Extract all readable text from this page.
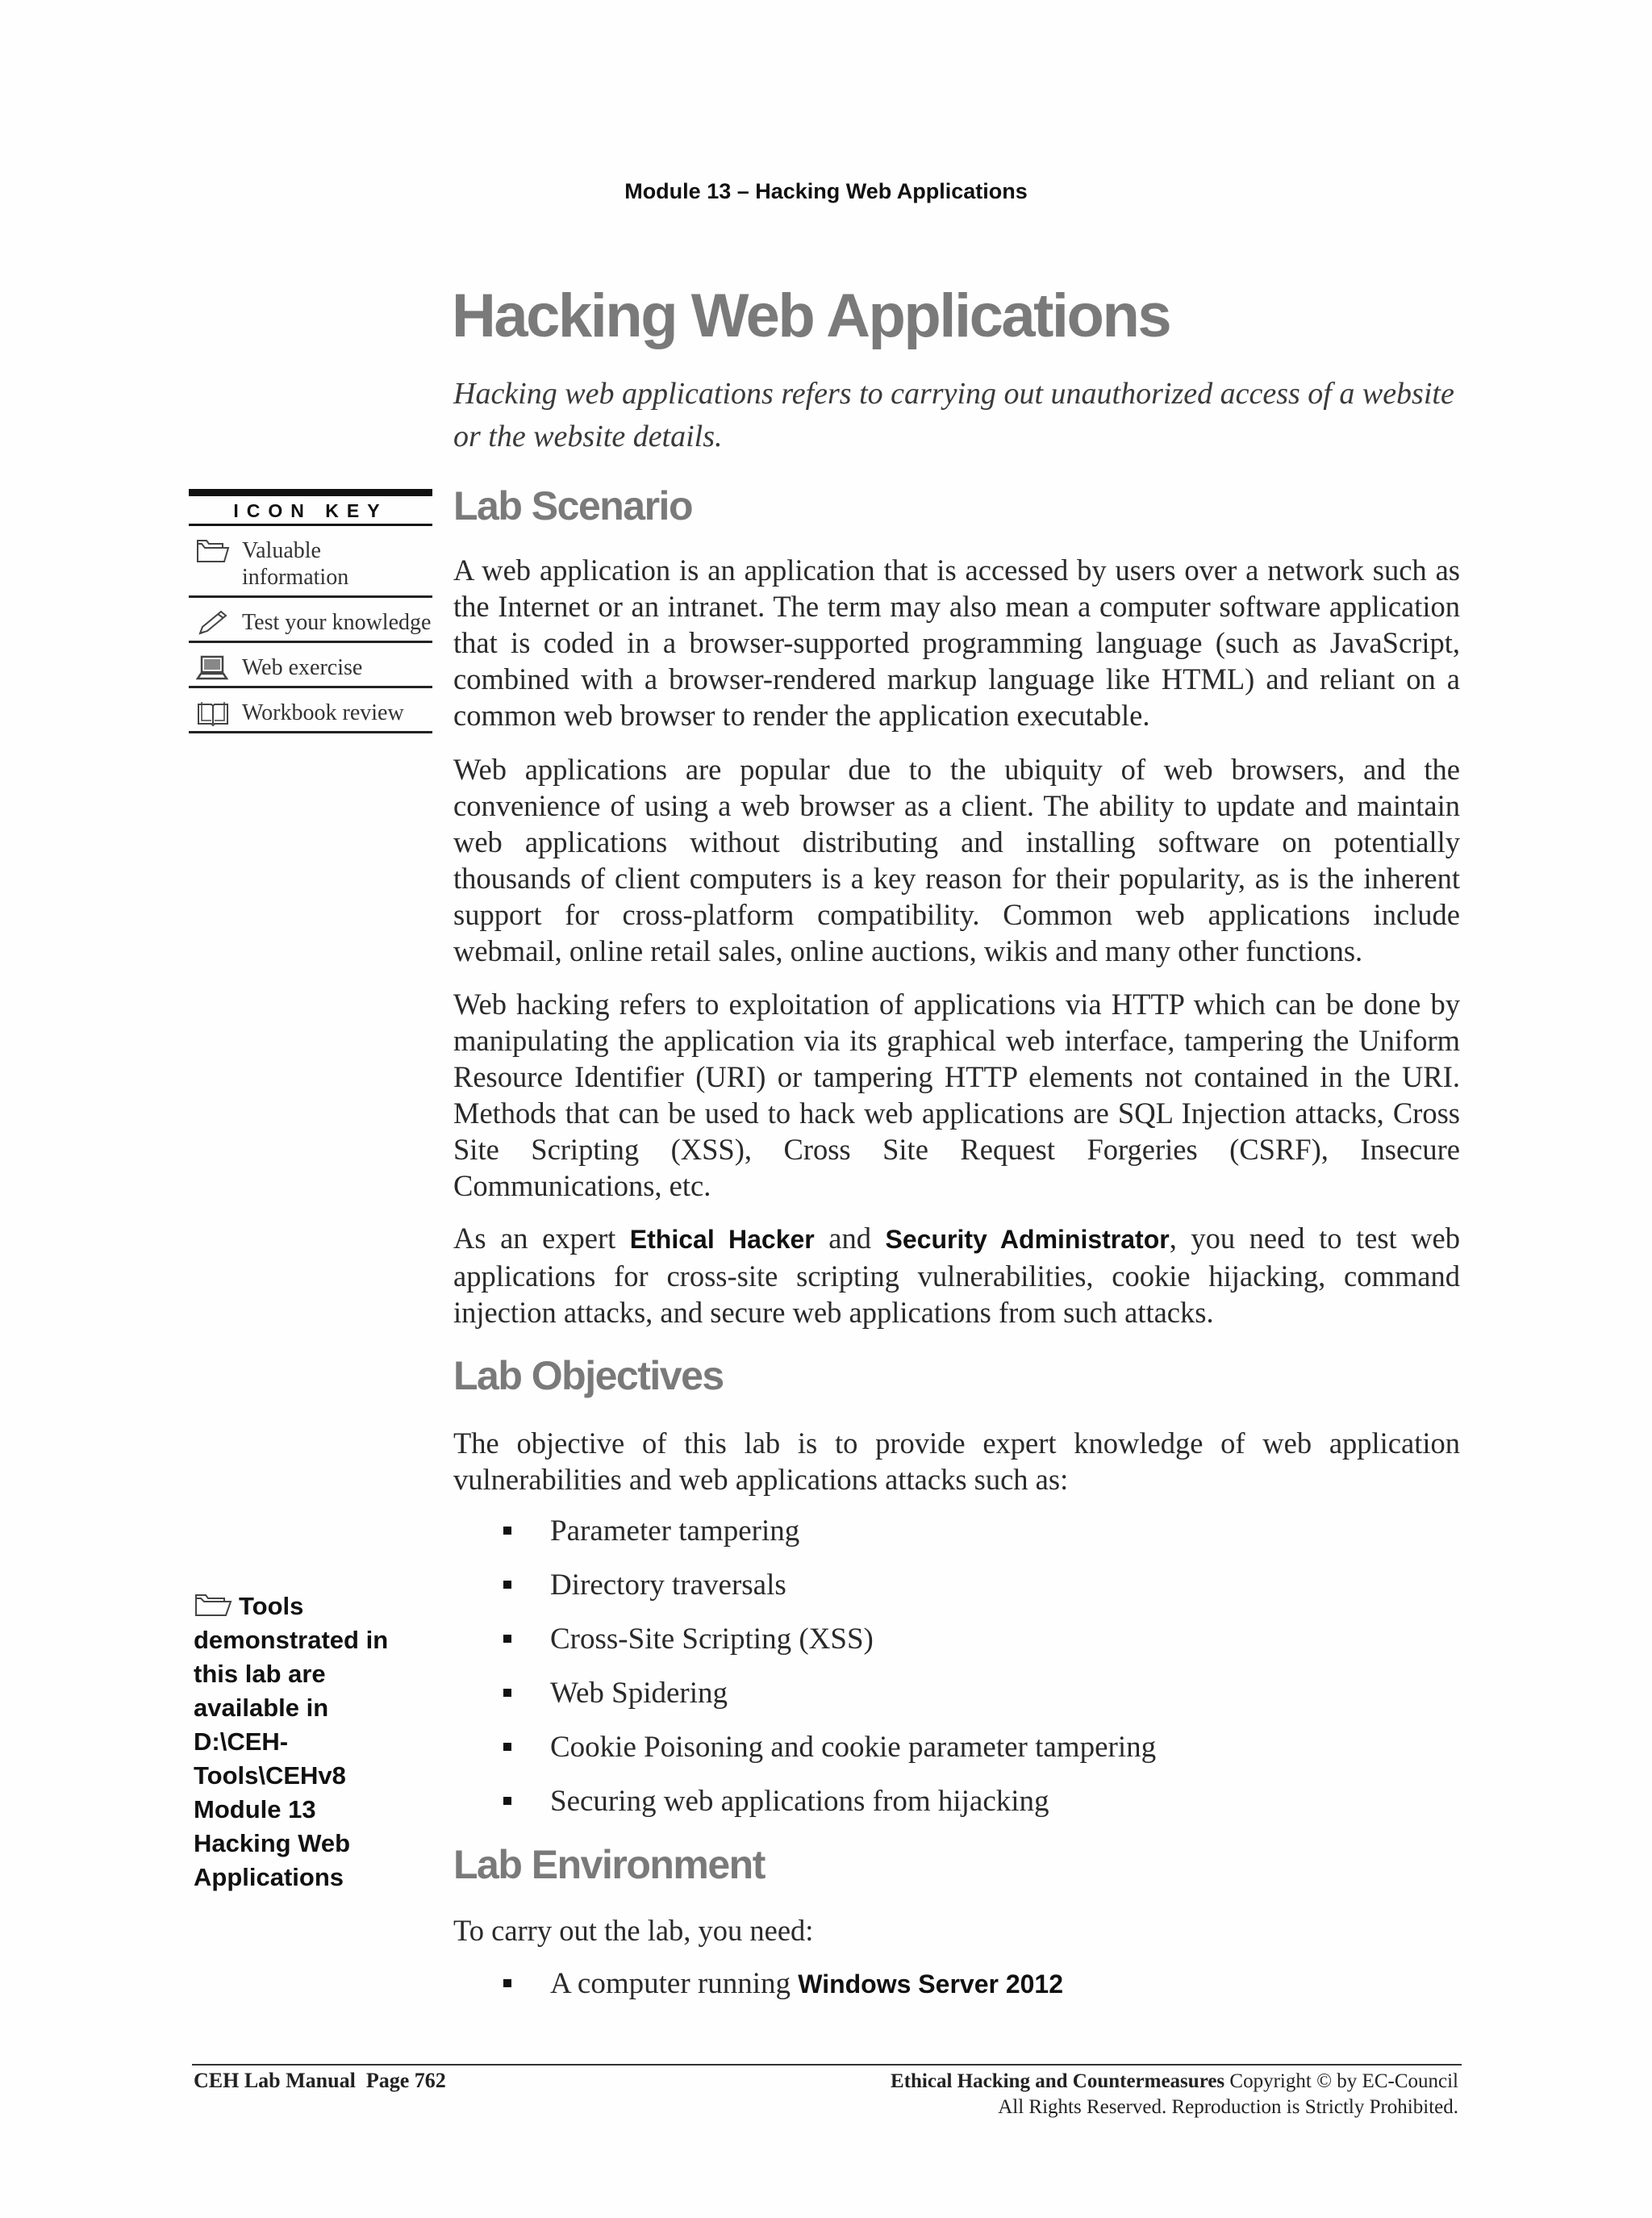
Module 13 – Hacking Web Applications
Hacking Web Applications

Hacking web applications refers to carrying out unauthorized access of a website or the website details.

ICON KEY
Valuable information
Test your knowledge
Web exercise
Workbook review
Lab Scenario

A web application is an application that is accessed by users over a network such as the Internet or an intranet. The term may also mean a computer software application that is coded in a browser-supported programming language (such as JavaScript, combined with a browser-rendered markup language like HTML) and reliant on a common web browser to render the application executable.

Web applications are popular due to the ubiquity of web browsers, and the convenience of using a web browser as a client. The ability to update and maintain web applications without distributing and installing software on potentially thousands of client computers is a key reason for their popularity, as is the inherent support for cross-platform compatibility. Common web applications include webmail, online retail sales, online auctions, wikis and many other functions.

Web hacking refers to exploitation of applications via HTTP which can be done by manipulating the application via its graphical web interface, tampering the Uniform Resource Identifier (URI) or tampering HTTP elements not contained in the URI. Methods that can be used to hack web applications are SQL Injection attacks, Cross Site Scripting (XSS), Cross Site Request Forgeries (CSRF), Insecure Communications, etc.

As an expert Ethical Hacker and Security Administrator, you need to test web applications for cross-site scripting vulnerabilities, cookie hijacking, command injection attacks, and secure web applications from such attacks.

Lab Objectives

The objective of this lab is to provide expert knowledge of web application vulnerabilities and web applications attacks such as:

Parameter tampering
Directory traversals
Cross-Site Scripting (XSS)
Web Spidering
Cookie Poisoning and cookie parameter tampering
Securing web applications from hijacking
Tools
demonstrated in
this lab are
available in
D:\CEH-
Tools\CEHv8
Module 13
Hacking Web
Applications	Lab Environment

To carry out the lab, you need:

A computer running Windows Server 2012
CEH Lab Manual  Page 762	Ethical Hacking and Countermeasures Copyright © by EC-Council
All Rights Reserved. Reproduction is Strictly Prohibited.
